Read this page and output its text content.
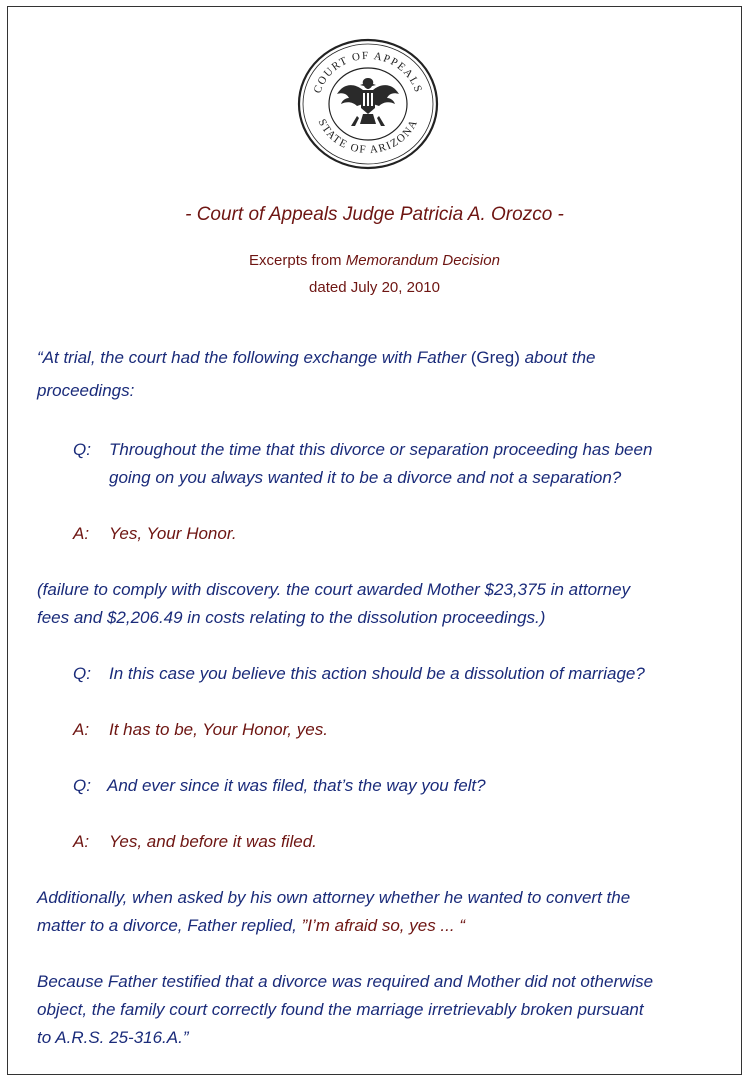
COURT OF APPEALS
STATE OF ARIZONA
- Court of Appeals Judge Patricia A. Orozco -
Excerpts from Memorandum Decision
dated July 20, 2010
“At trial, the court had the following exchange with Father (Greg) about the
proceedings:
Q: Throughout the time that this divorce or separation proceeding has been
going on you always wanted it to be a divorce and not a separation?
A: Yes, Your Honor.
(failure to comply with discovery. the court awarded Mother $23,375 in attorney
fees and $2,206.49 in costs relating to the dissolution proceedings.)
Q: In this case you believe this action should be a dissolution of marriage?
A: It has to be, Your Honor, yes.
Q: And ever since it was filed, that’s the way you felt?
A: Yes, and before it was filed.
Additionally, when asked by his own attorney whether he wanted to convert the
matter to a divorce, Father replied, ”I’m afraid so, yes ... “
Because Father testified that a divorce was required and Mother did not otherwise
object, the family court correctly found the marriage irretrievably broken pursuant
to A.R.S. 25-316.A.”
